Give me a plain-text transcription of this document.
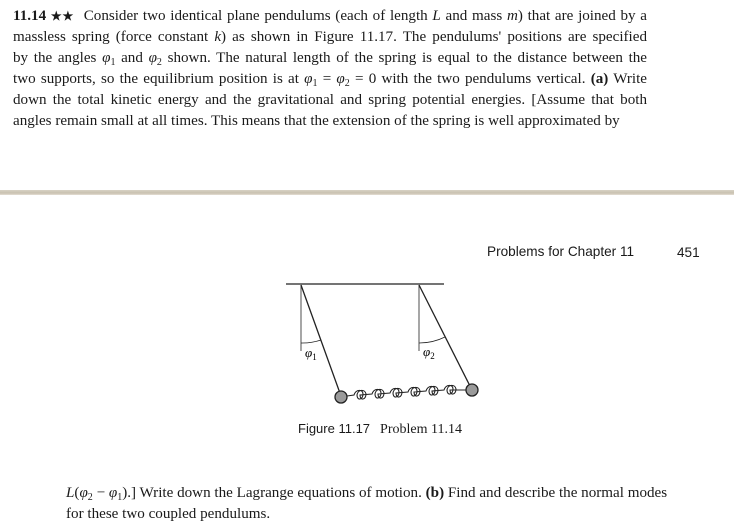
11.14 ★★ Consider two identical plane pendulums (each of length L and mass m) that are joined by a
massless spring (force constant k) as shown in Figure 11.17. The pendulums' positions are specified
by the angles $\varphi_1$ and $\varphi_2$ shown. The natural length of the spring is equal to the distance between the
two supports, so the equilibrium position is at $\varphi_1 = \varphi_2 = 0$ with the two pendulums vertical. (a) Write
down the total kinetic energy and the gravitational and spring potential energies. [Assume that both
angles remain small at all times. This means that the extension of the spring is well approximated by
Problems for Chapter 11	451
$\varphi_1$	$\varphi_2$
Figure 11.17 Problem 11.14
$L(\varphi_2 - \varphi_1)$.] Write down the Lagrange equations of motion. (b) Find and describe the normal modes
for these two coupled pendulums.
